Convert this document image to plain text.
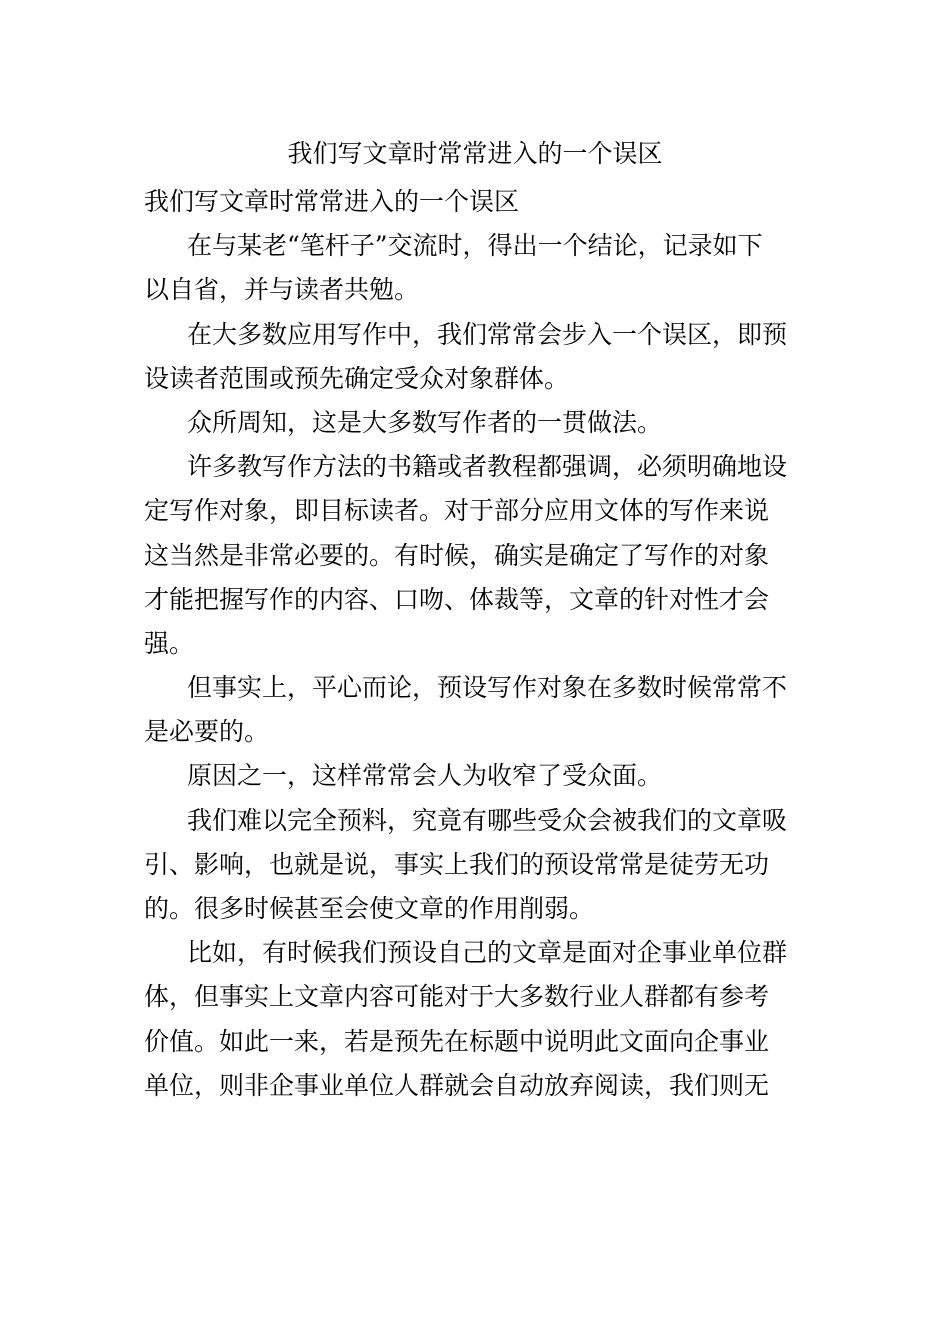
我们写文章时常常进入的一个误区
我们写文章时常常进入的一个误区
在与某老“笔杆子”交流时，得出一个结论，记录如下
以自省，并与读者共勉。
在大多数应用写作中，我们常常会步入一个误区，即预
设读者范围或预先确定受众对象群体。
众所周知，这是大多数写作者的一贯做法。
许多教写作方法的书籍或者教程都强调，必须明确地设
定写作对象，即目标读者。对于部分应用文体的写作来说
这当然是非常必要的。有时候，确实是确定了写作的对象
才能把握写作的内容、口吻、体裁等，文章的针对性才会
强。
但事实上，平心而论，预设写作对象在多数时候常常不
是必要的。
原因之一，这样常常会人为收窄了受众面。
我们难以完全预料，究竟有哪些受众会被我们的文章吸
引、影响，也就是说，事实上我们的预设常常是徒劳无功
的。很多时候甚至会使文章的作用削弱。
比如，有时候我们预设自己的文章是面对企事业单位群
体，但事实上文章内容可能对于大多数行业人群都有参考
价值。如此一来，若是预先在标题中说明此文面向企事业
单位，则非企事业单位人群就会自动放弃阅读，我们则无
